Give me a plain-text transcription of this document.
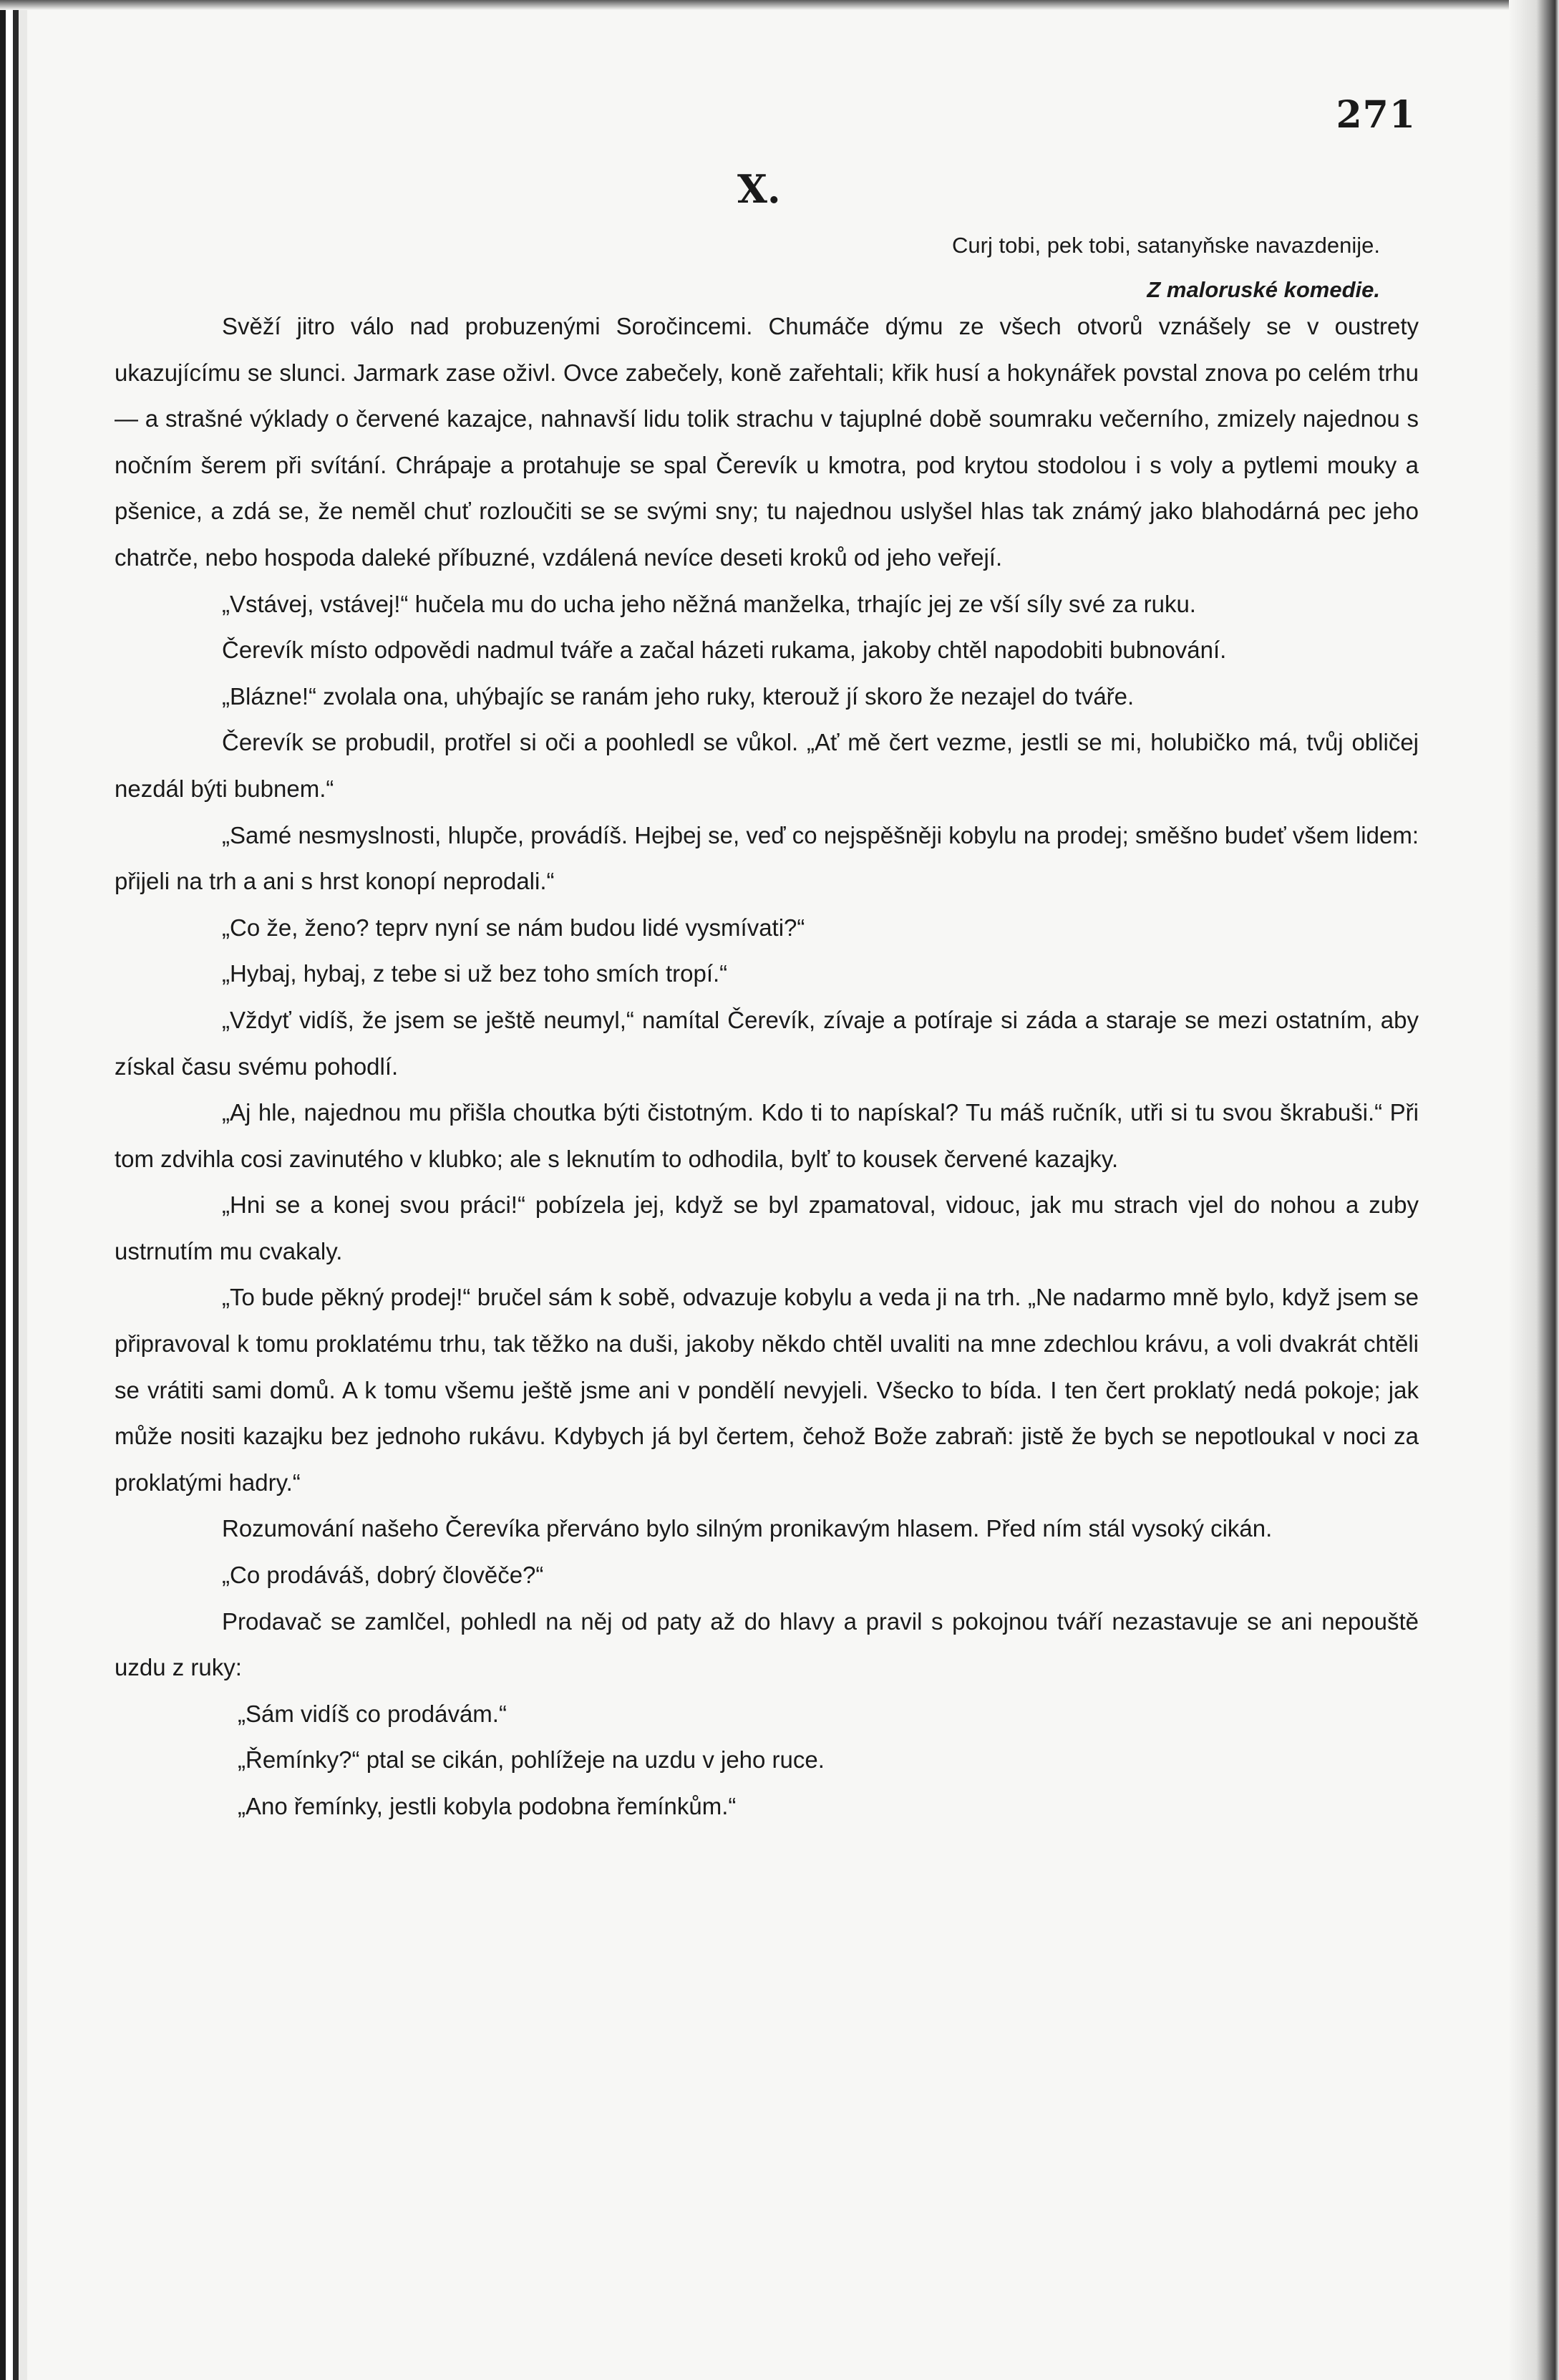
271
X.
Curj tobi, pek tobi, satanyňske navazdenije.
Z maloruské komedie.

Svěží jitro válo nad probuzenými Soročincemi. Chumáče dýmu ze všech otvorů vznášely se v oustrety ukazujícímu se slunci. Jarmark zase oživl. Ovce zabečely, koně zařehtali; křik husí a hokynářek povstal znova po celém trhu — a strašné výklady o červené kazajce, nahnavší lidu tolik strachu v tajuplné době soumraku večerního, zmizely najednou s nočním šerem při svítání. Chrápaje a protahuje se spal Čerevík u kmotra, pod krytou stodolou i s voly a pytlemi mouky a pšenice, a zdá se, že neměl chuť rozloučiti se se svými sny; tu najednou uslyšel hlas tak známý jako blahodárná pec jeho chatrče, nebo hospoda daleké příbuzné, vzdálená nevíce deseti kroků od jeho veřejí.

„Vstávej, vstávej!“ hučela mu do ucha jeho něžná manželka, trhajíc jej ze vší síly své za ruku.

Čerevík místo odpovědi nadmul tváře a začal házeti rukama, jakoby chtěl napodobiti bubnování.

„Blázne!“ zvolala ona, uhýbajíc se ranám jeho ruky, kterouž jí skoro že nezajel do tváře.

Čerevík se probudil, protřel si oči a poohledl se vůkol. „Ať mě čert vezme, jestli se mi, holubičko má, tvůj obličej nezdál býti bubnem.“

„Samé nesmyslnosti, hlupče, provádíš. Hejbej se, veď co nejspěšněji kobylu na prodej; směšno budeť všem lidem: přijeli na trh a ani s hrst konopí neprodali.“

„Co že, ženo? teprv nyní se nám budou lidé vysmívati?“

„Hybaj, hybaj, z tebe si už bez toho smích tropí.“

„Vždyť vidíš, že jsem se ještě neumyl,“ namítal Čerevík, zívaje a potíraje si záda a staraje se mezi ostatním, aby získal času svému pohodlí.

„Aj hle, najednou mu přišla choutka býti čistotným. Kdo ti to napískal? Tu máš ručník, utři si tu svou škrabuši.“ Při tom zdvihla cosi zavinutého v klubko; ale s leknutím to odhodila, bylť to kousek červené kazajky.

„Hni se a konej svou práci!“ pobízela jej, když se byl zpamatoval, vidouc, jak mu strach vjel do nohou a zuby ustrnutím mu cvakaly.

„To bude pěkný prodej!“ bručel sám k sobě, odvazuje kobylu a veda ji na trh. „Ne nadarmo mně bylo, když jsem se připravoval k tomu proklatému trhu, tak těžko na duši, jakoby někdo chtěl uvaliti na mne zdechlou krávu, a voli dvakrát chtěli se vrátiti sami domů. A k tomu všemu ještě jsme ani v pondělí nevyjeli. Všecko to bída. I ten čert proklatý nedá pokoje; jak může nositi kazajku bez jednoho rukávu. Kdybych já byl čertem, čehož Bože zabraň: jistě že bych se nepotloukal v noci za proklatými hadry.“

Rozumování našeho Čerevíka přerváno bylo silným pronikavým hlasem. Před ním stál vysoký cikán.

„Co prodáváš, dobrý člověče?“

Prodavač se zamlčel, pohledl na něj od paty až do hlavy a pravil s pokojnou tváří nezastavuje se ani nepouště uzdu z ruky:

„Sám vidíš co prodávám.“

„Řemínky?“ ptal se cikán, pohlížeje na uzdu v jeho ruce.

„Ano řemínky, jestli kobyla podobna řemínkům.“
